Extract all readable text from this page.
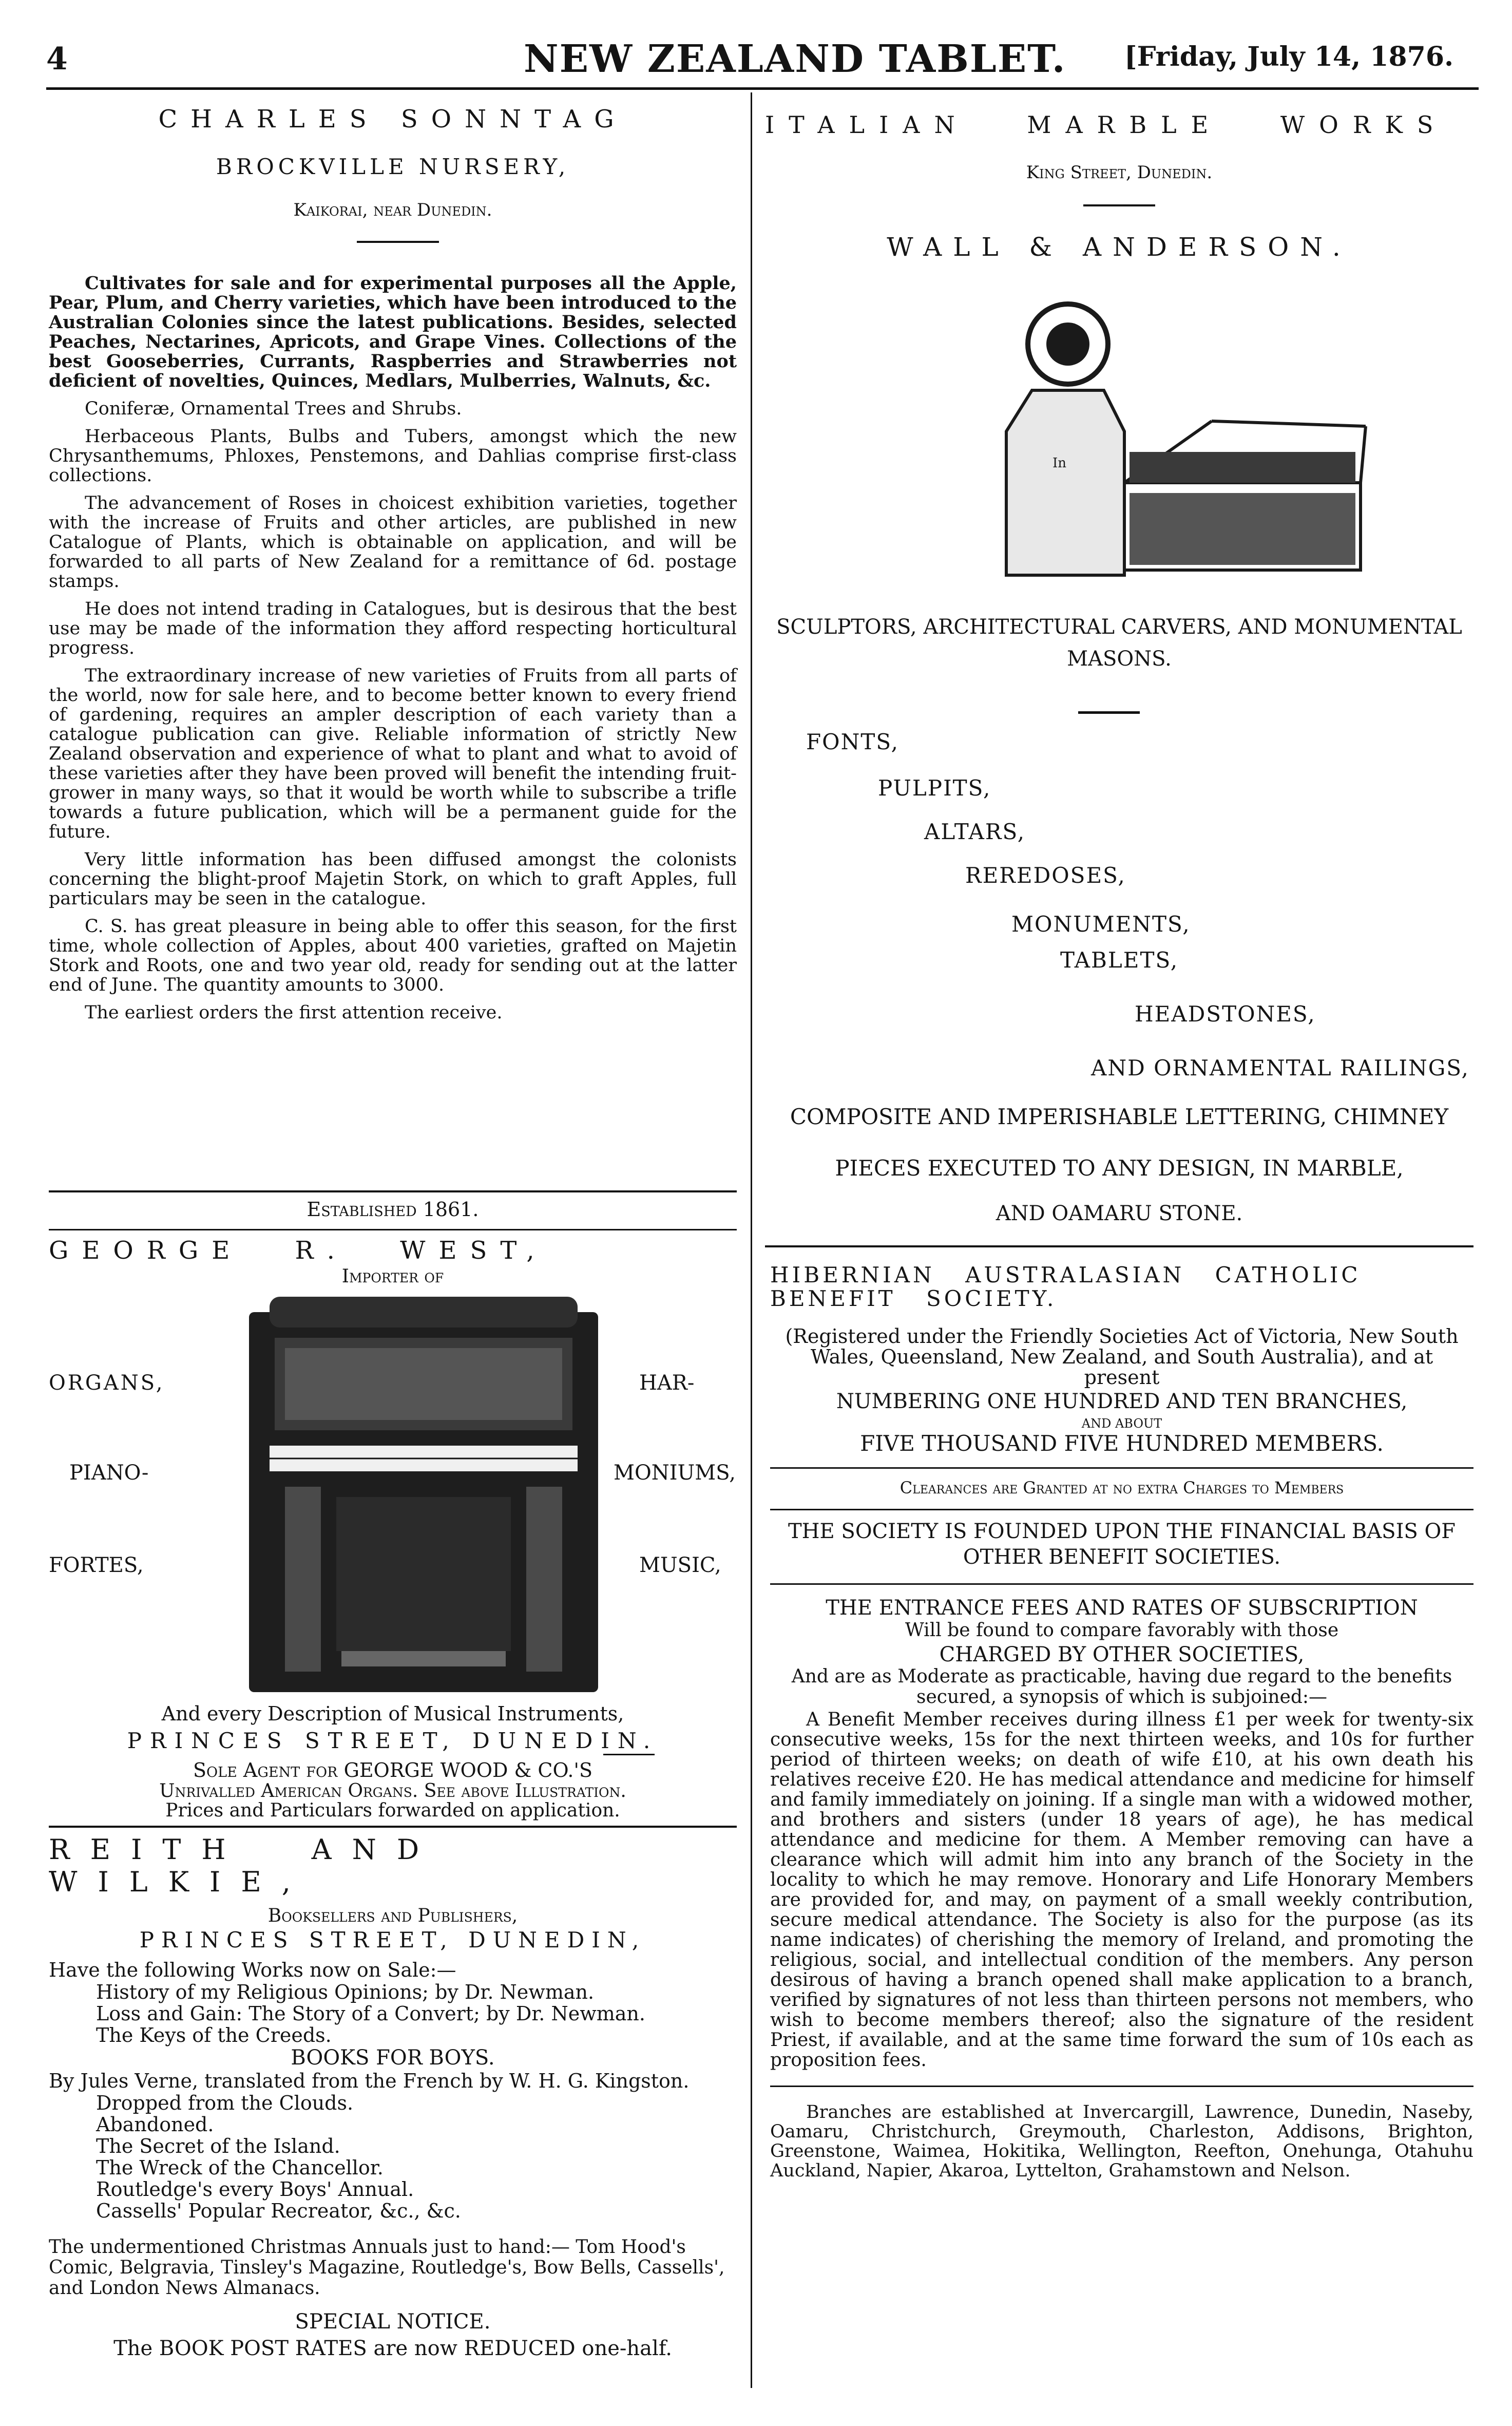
4	NEW ZEALAND TABLET. [Friday, July 14, 1876.
CHARLES SONNTAG
BROCKVILLE NURSERY,
Kaikorai, near Dunedin.

Cultivates for sale and for experimental purposes all the Apple, Pear, Plum, and Cherry varieties, which have been introduced to the Australian Colonies since the latest publications. Besides, selected Peaches, Nectarines, Apricots, and Grape Vines. Collections of the best Gooseberries, Currants, Raspberries and Strawberries not deficient of novelties, Quinces, Medlars, Mulberries, Walnuts, &c.

Coniferæ, Ornamental Trees and Shrubs.

Herbaceous Plants, Bulbs and Tubers, amongst which the new Chrysanthemums, Phloxes, Penstemons, and Dahlias comprise first-class collections.

The advancement of Roses in choicest exhibition varieties, together with the increase of Fruits and other articles, are published in new Catalogue of Plants, which is obtainable on application, and will be forwarded to all parts of New Zealand for a remittance of 6d. postage stamps.

He does not intend trading in Catalogues, but is desirous that the best use may be made of the information they afford respecting horticultural progress.

The extraordinary increase of new varieties of Fruits from all parts of the world, now for sale here, and to become better known to every friend of gardening, requires an ampler description of each variety than a catalogue publication can give. Reliable information of strictly New Zealand observation and experience of what to plant and what to avoid of these varieties after they have been proved will benefit the intending fruit-grower in many ways, so that it would be worth while to subscribe a trifle towards a future publication, which will be a permanent guide for the future.

Very little information has been diffused amongst the colonists concerning the blight-proof Majetin Stork, on which to graft Apples, full particulars may be seen in the catalogue.

C. S. has great pleasure in being able to offer this season, for the first time, whole collection of Apples, about 400 varieties, grafted on Majetin Stork and Roots, one and two year old, ready for sending out at the latter end of June. The quantity amounts to 3000.

The earliest orders the first attention receive.

Established 1861.
GEORGE R. WEST,
Importer of
ORGANS,
PIANO-
FORTES,
HAR-
MONIUMS,
MUSIC,
And every Description of Musical Instruments,
PRINCES STREET, DUNEDIN.
Sole Agent for GEORGE WOOD & CO.'S
Unrivalled American Organs. See above Illustration.
Prices and Particulars forwarded on application.
REITH AND WILKIE,
Booksellers and Publishers,
PRINCES STREET, DUNEDIN,
Have the following Works now on Sale:—
History of my Religious Opinions; by Dr. Newman.
Loss and Gain: The Story of a Convert; by Dr. Newman.
The Keys of the Creeds.
BOOKS FOR BOYS.
By Jules Verne, translated from the French by W. H. G. Kingston.
Dropped from the Clouds.
Abandoned.
The Secret of the Island.
The Wreck of the Chancellor.
Routledge's every Boys' Annual.
Cassells' Popular Recreator, &c., &c.
The undermentioned Christmas Annuals just to hand:— Tom Hood's Comic, Belgravia, Tinsley's Magazine, Routledge's, Bow Bells, Cassells', and London News Almanacs.
SPECIAL NOTICE.
The BOOK POST RATES are now REDUCED one-half.
ITALIAN MARBLE WORKS
King Street, Dunedin.
WALL & ANDERSON.
In
SCULPTORS, ARCHITECTURAL CARVERS, AND MONUMENTAL MASONS.
FONTS,
PULPITS,
ALTARS,
REREDOSES,
MONUMENTS,
TABLETS,
HEADSTONES,
AND ORNAMENTAL RAILINGS,
COMPOSITE AND IMPERISHABLE LETTERING, CHIMNEY
PIECES EXECUTED TO ANY DESIGN, IN MARBLE,
AND OAMARU STONE.
HIBERNIAN AUSTRALASIAN CATHOLIC BENEFIT SOCIETY.
(Registered under the Friendly Societies Act of Victoria, New South Wales, Queensland, New Zealand, and South Australia), and at present
NUMBERING ONE HUNDRED AND TEN BRANCHES,
AND ABOUT
FIVE THOUSAND FIVE HUNDRED MEMBERS.
Clearances are Granted at no extra Charges to Members
THE SOCIETY IS FOUNDED UPON THE FINANCIAL BASIS OF OTHER BENEFIT SOCIETIES.
THE ENTRANCE FEES AND RATES OF SUBSCRIPTION
Will be found to compare favorably with those
CHARGED BY OTHER SOCIETIES,
And are as Moderate as practicable, having due regard to the benefits secured, a synopsis of which is subjoined:—
A Benefit Member receives during illness £1 per week for twenty-six consecutive weeks, 15s for the next thirteen weeks, and 10s for further period of thirteen weeks; on death of wife £10, at his own death his relatives receive £20. He has medical attendance and medicine for himself and family immediately on joining. If a single man with a widowed mother, and brothers and sisters (under 18 years of age), he has medical attendance and medicine for them. A Member removing can have a clearance which will admit him into any branch of the Society in the locality to which he may remove. Honorary and Life Honorary Members are provided for, and may, on payment of a small weekly contribution, secure medical attendance. The Society is also for the purpose (as its name indicates) of cherishing the memory of Ireland, and promoting the religious, social, and intellectual condition of the members. Any person desirous of having a branch opened shall make application to a branch, verified by signatures of not less than thirteen persons not members, who wish to become members thereof; also the signature of the resident Priest, if available, and at the same time forward the sum of 10s each as proposition fees.
Branches are established at Invercargill, Lawrence, Dunedin, Naseby, Oamaru, Christchurch, Greymouth, Charleston, Addisons, Brighton, Greenstone, Waimea, Hokitika, Wellington, Reefton, Onehunga, Otahuhu Auckland, Napier, Akaroa, Lyttelton, Grahamstown and Nelson.
